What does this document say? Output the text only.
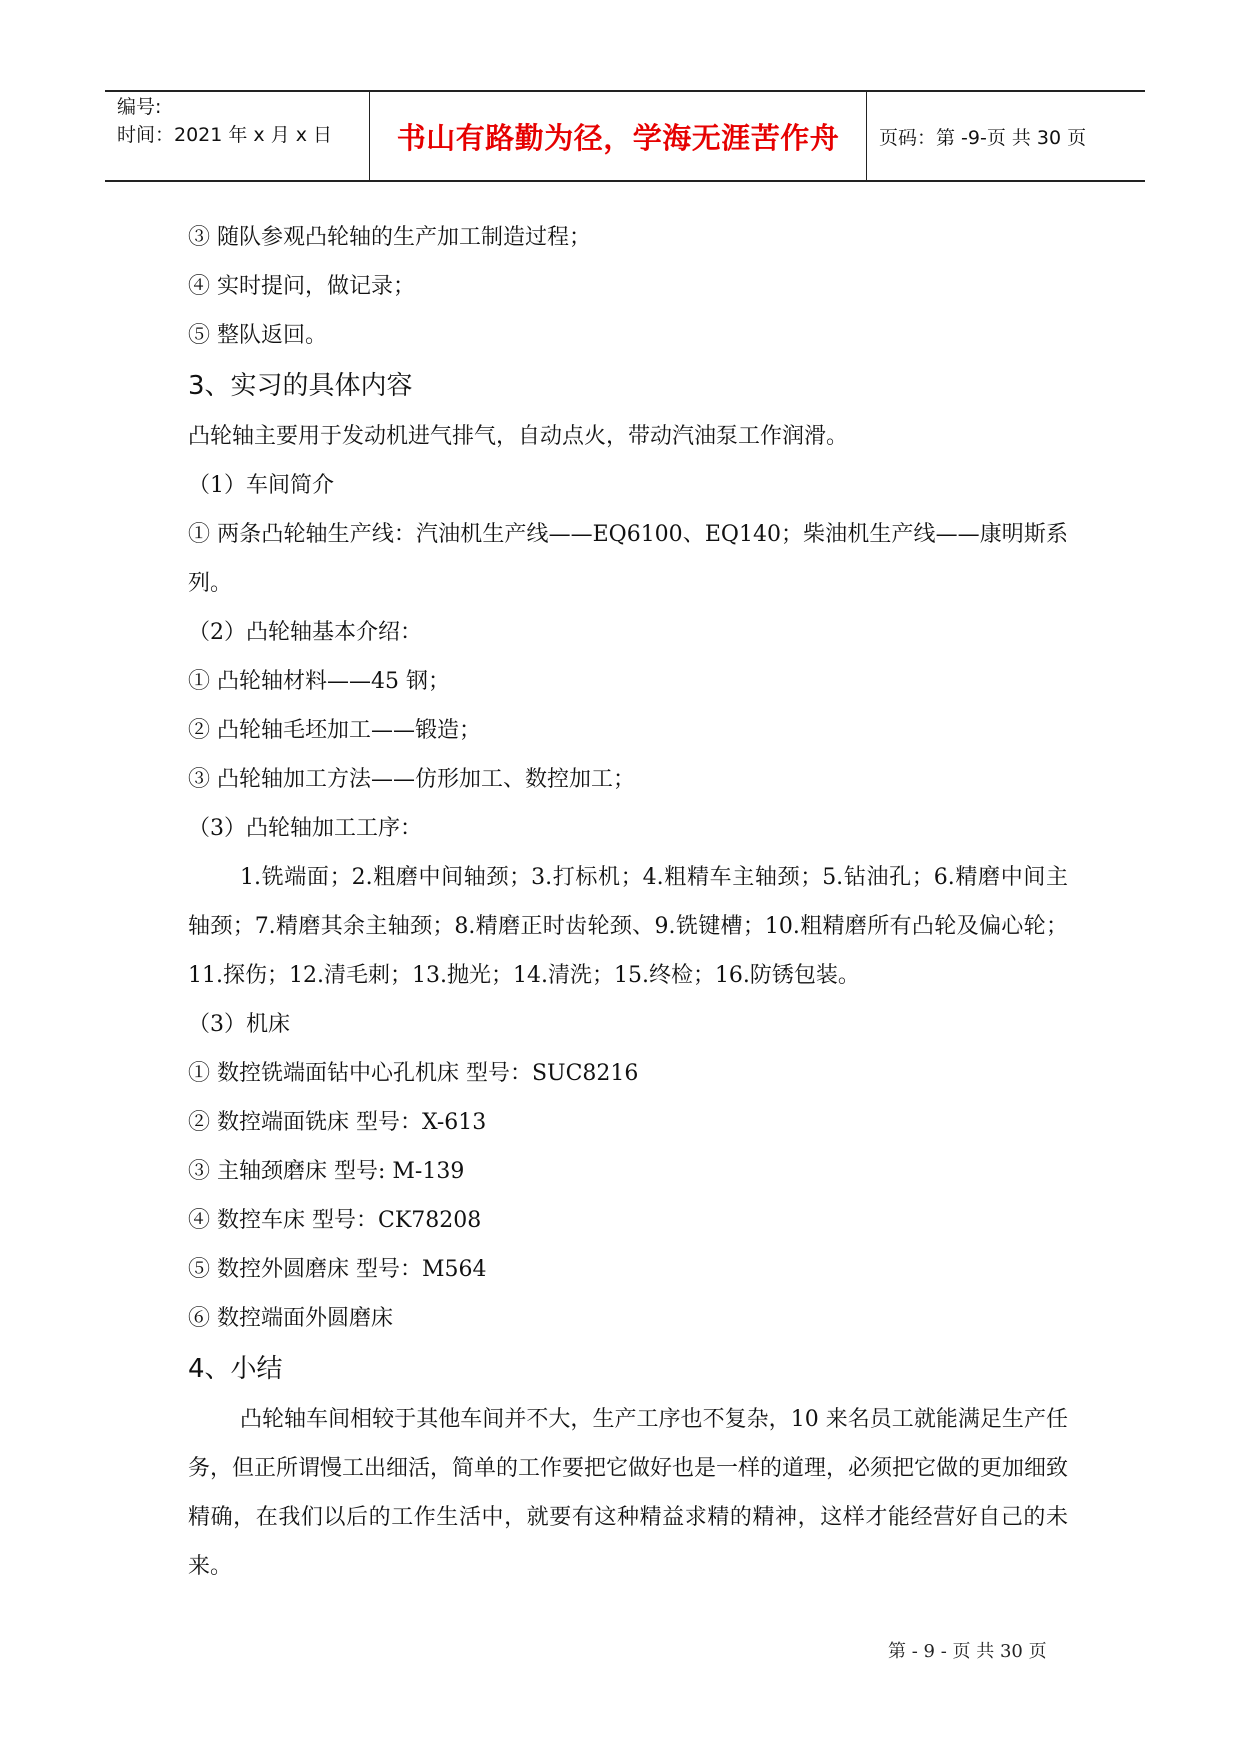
编号:
时间：2021 年 x 月 x 日 书山有路勤为径，学海无涯苦作舟 页码：第 -9-页 共 30 页
③ 随队参观凸轮轴的生产加工制造过程；
④ 实时提问，做记录；
⑤ 整队返回。
3、实习的具体内容
凸轮轴主要用于发动机进气排气，自动点火，带动汽油泵工作润滑。
（1）车间简介
① 两条凸轮轴生产线：汽油机生产线——EQ6100、EQ140；柴油机生产线——康明斯系列。
（2）凸轮轴基本介绍：
① 凸轮轴材料——45 钢；
② 凸轮轴毛坯加工——锻造；
③ 凸轮轴加工方法——仿形加工、数控加工；
（3）凸轮轴加工工序：
1.铣端面；2.粗磨中间轴颈；3.打标机；4.粗精车主轴颈；5.钻油孔；6.精磨中间主轴颈；7.精磨其余主轴颈；8.精磨正时齿轮颈、9.铣键槽；10.粗精磨所有凸轮及偏心轮；11.探伤；12.清毛刺；13.抛光；14.清洗；15.终检；16.防锈包装。
（3）机床
① 数控铣端面钻中心孔机床 型号：SUC8216
② 数控端面铣床 型号：X-613
③ 主轴颈磨床 型号: M-139
④ 数控车床 型号：CK78208
⑤ 数控外圆磨床 型号：M564
⑥ 数控端面外圆磨床
4、小结
凸轮轴车间相较于其他车间并不大，生产工序也不复杂，10 来名员工就能满足生产任务，但正所谓慢工出细活，简单的工作要把它做好也是一样的道理，必须把它做的更加细致精确，在我们以后的工作生活中，就要有这种精益求精的精神，这样才能经营好自己的未来。
第 - 9 - 页 共 30 页
